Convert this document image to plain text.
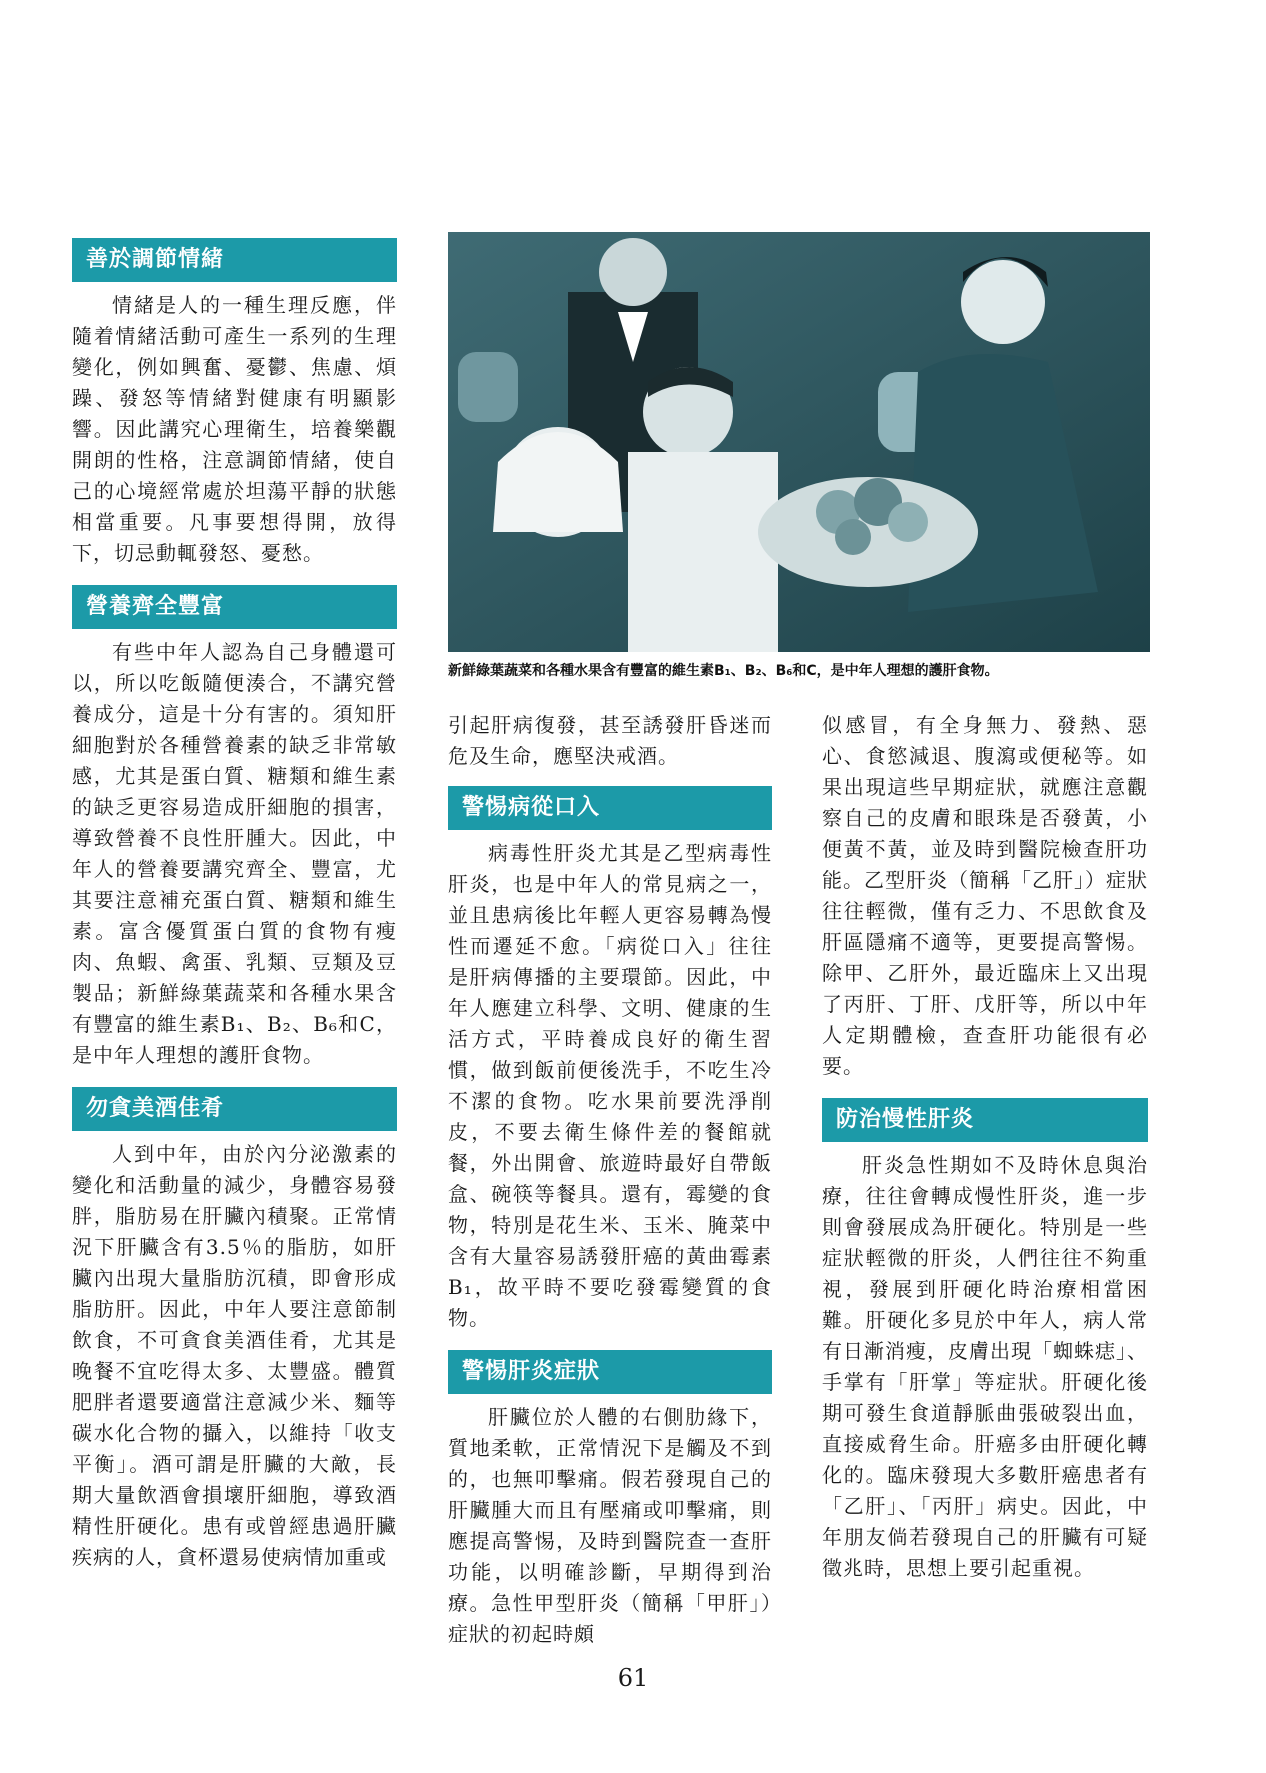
善於調節情緒

情緒是人的一種生理反應，伴隨着情緒活動可產生一系列的生理變化，例如興奮、憂鬱、焦慮、煩躁、發怒等情緒對健康有明顯影響。因此講究心理衛生，培養樂觀開朗的性格，注意調節情緒，使自己的心境經常處於坦蕩平靜的狀態相當重要。凡事要想得開，放得下，切忌動輒發怒、憂愁。

營養齊全豐富

有些中年人認為自己身體還可以，所以吃飯隨便湊合，不講究營養成分，這是十分有害的。須知肝細胞對於各種營養素的缺乏非常敏感，尤其是蛋白質、糖類和維生素的缺乏更容易造成肝細胞的損害，導致營養不良性肝腫大。因此，中年人的營養要講究齊全、豐富，尤其要注意補充蛋白質、糖類和維生素。富含優質蛋白質的食物有瘦肉、魚蝦、禽蛋、乳類、豆類及豆製品；新鮮綠葉蔬菜和各種水果含有豐富的維生素B₁、B₂、B₆和C，是中年人理想的護肝食物。

勿貪美酒佳肴

人到中年，由於內分泌激素的變化和活動量的減少，身體容易發胖，脂肪易在肝臟內積聚。正常情況下肝臟含有3.5％的脂肪，如肝臟內出現大量脂肪沉積，即會形成脂肪肝。因此，中年人要注意節制飲食，不可貪食美酒佳肴，尤其是晚餐不宜吃得太多、太豐盛。體質肥胖者還要適當注意減少米、麵等碳水化合物的攝入，以維持「收支平衡」。酒可謂是肝臟的大敵，長期大量飲酒會損壞肝細胞，導致酒精性肝硬化。患有或曾經患過肝臟疾病的人，貪杯還易使病情加重或

新鮮綠葉蔬菜和各種水果含有豐富的維生素B₁、B₂、B₆和C，是中年人理想的護肝食物。

引起肝病復發，甚至誘發肝昏迷而危及生命，應堅決戒酒。

警惕病從口入

病毒性肝炎尤其是乙型病毒性肝炎，也是中年人的常見病之一，並且患病後比年輕人更容易轉為慢性而遷延不愈。「病從口入」往往是肝病傳播的主要環節。因此，中年人應建立科學、文明、健康的生活方式，平時養成良好的衛生習慣，做到飯前便後洗手，不吃生冷不潔的食物。吃水果前要洗淨削皮，不要去衛生條件差的餐館就餐，外出開會、旅遊時最好自帶飯盒、碗筷等餐具。還有，霉變的食物，特別是花生米、玉米、腌菜中含有大量容易誘發肝癌的黃曲霉素B₁，故平時不要吃發霉變質的食物。

警惕肝炎症狀

肝臟位於人體的右側肋緣下，質地柔軟，正常情況下是觸及不到的，也無叩擊痛。假若發現自己的肝臟腫大而且有壓痛或叩擊痛，則應提高警惕，及時到醫院查一查肝功能，以明確診斷，早期得到治療。急性甲型肝炎（簡稱「甲肝」）症狀的初起時頗

似感冒，有全身無力、發熱、惡心、食慾減退、腹瀉或便秘等。如果出現這些早期症狀，就應注意觀察自己的皮膚和眼珠是否發黃，小便黃不黃，並及時到醫院檢查肝功能。乙型肝炎（簡稱「乙肝」）症狀往往輕微，僅有乏力、不思飲食及肝區隱痛不適等，更要提高警惕。除甲、乙肝外，最近臨床上又出現了丙肝、丁肝、戊肝等，所以中年人定期體檢，查查肝功能很有必要。

防治慢性肝炎

肝炎急性期如不及時休息與治療，往往會轉成慢性肝炎，進一步則會發展成為肝硬化。特別是一些症狀輕微的肝炎，人們往往不夠重視，發展到肝硬化時治療相當困難。肝硬化多見於中年人，病人常有日漸消瘦，皮膚出現「蜘蛛痣」、手掌有「肝掌」等症狀。肝硬化後期可發生食道靜脈曲張破裂出血，直接威脅生命。肝癌多由肝硬化轉化的。臨床發現大多數肝癌患者有「乙肝」、「丙肝」病史。因此，中年朋友倘若發現自己的肝臟有可疑徵兆時，思想上要引起重視。

61
